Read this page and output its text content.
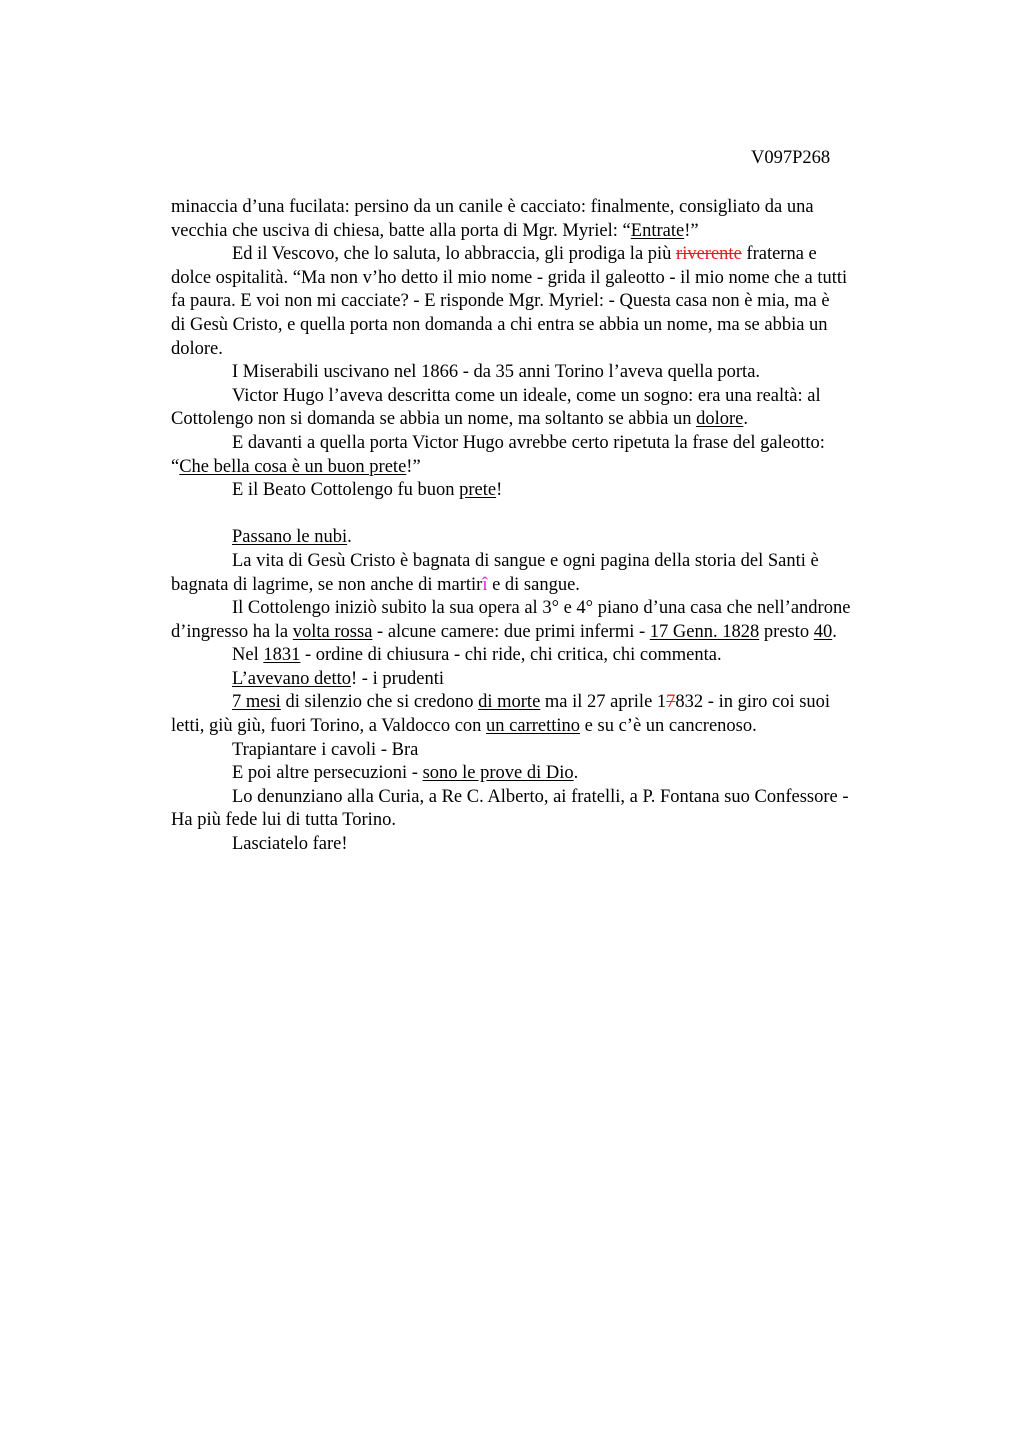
V097P268
minaccia d’una fucilata: persino da un canile è cacciato: finalmente, consigliato da una
vecchia che usciva di chiesa, batte alla porta di Mgr. Myriel: “Entrate!”
Ed il Vescovo, che lo saluta, lo abbraccia, gli prodiga la più riverente fraterna e
dolce ospitalità. “Ma non v’ho detto il mio nome - grida il galeotto - il mio nome che a tutti
fa paura. E voi non mi cacciate? - E risponde Mgr. Myriel: - Questa casa non è mia, ma è
di Gesù Cristo, e quella porta non domanda a chi entra se abbia un nome, ma se abbia un
dolore.
I Miserabili uscivano nel 1866 - da 35 anni Torino l’aveva quella porta.
Victor Hugo l’aveva descritta come un ideale, come un sogno: era una realtà: al
Cottolengo non si domanda se abbia un nome, ma soltanto se abbia un dolore.
E davanti a quella porta Victor Hugo avrebbe certo ripetuta la frase del galeotto:
“Che bella cosa è un buon prete!”
E il Beato Cottolengo fu buon prete!
Passano le nubi.
La vita di Gesù Cristo è bagnata di sangue e ogni pagina della storia del Santi è
bagnata di lagrime, se non anche di martirî e di sangue.
Il Cottolengo iniziò subito la sua opera al 3° e 4° piano d’una casa che nell’androne
d’ingresso ha la volta rossa - alcune camere: due primi infermi - 17 Genn. 1828 presto 40.
Nel 1831 - ordine di chiusura - chi ride, chi critica, chi commenta.
L’avevano detto! - i prudenti
7 mesi di silenzio che si credono di morte ma il 27 aprile 17832 - in giro coi suoi
letti, giù giù, fuori Torino, a Valdocco con un carrettino e su c’è un cancrenoso.
Trapiantare i cavoli - Bra
E poi altre persecuzioni - sono le prove di Dio.
Lo denunziano alla Curia, a Re C. Alberto, ai fratelli, a P. Fontana suo Confessore -
Ha più fede lui di tutta Torino.
Lasciatelo fare!
